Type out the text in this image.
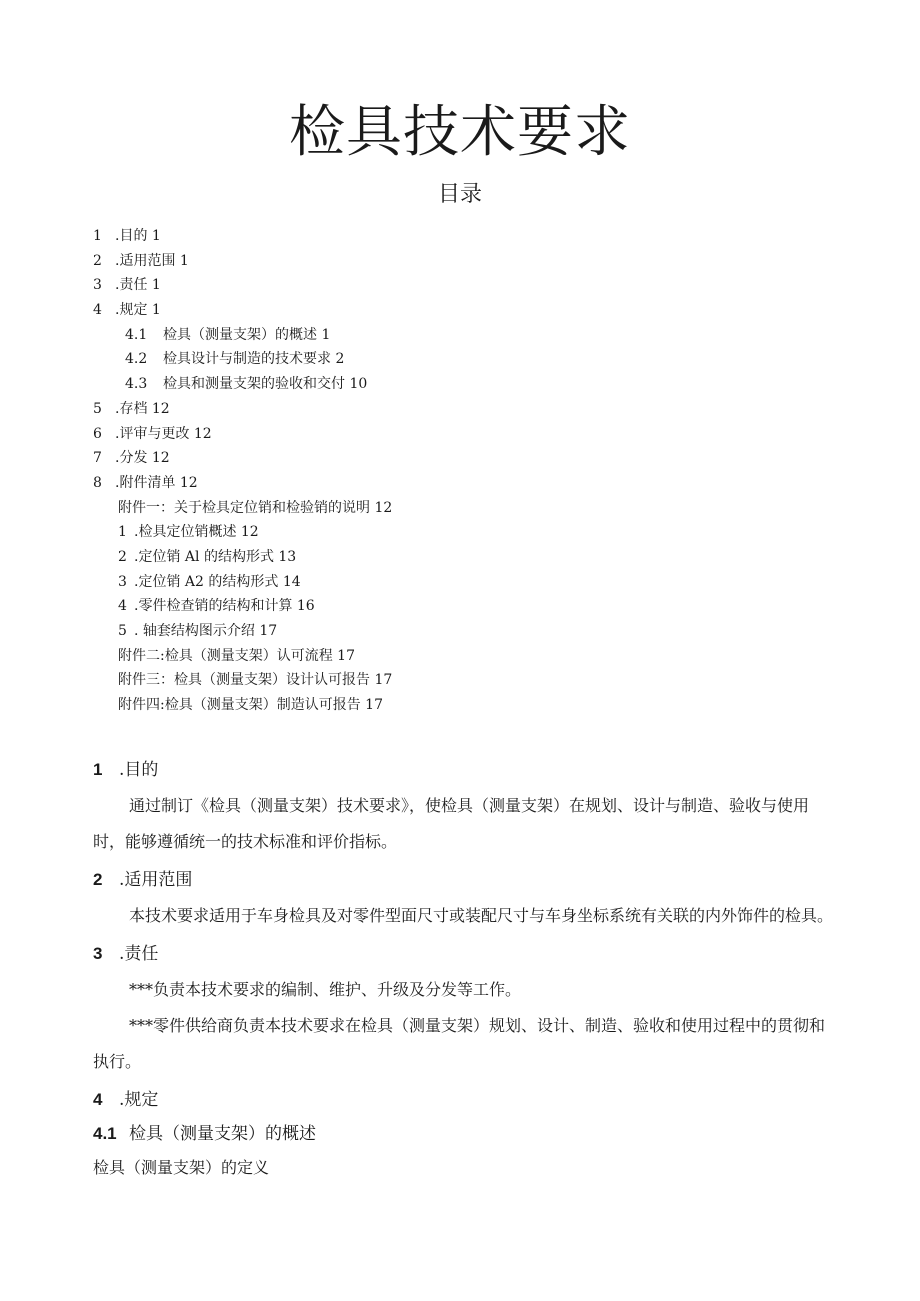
检具技术要求
目录
1 .目的 1
2 .适用范围 1
3 .责任 1
4 .规定 1
4.1 检具（测量支架）的概述 1
4.2 检具设计与制造的技术要求 2
4.3 检具和测量支架的验收和交付 10
5 .存档 12
6 .评审与更改 12
7 .分发 12
8 .附件清单 12
附件一：关于检具定位销和检验销的说明 12
1 .检具定位销概述 12
2 .定位销 Al 的结构形式 13
3 .定位销 A2 的结构形式 14
4 .零件检查销的结构和计算 16
5 . 轴套结构图示介绍 17
附件二:检具（测量支架）认可流程 17
附件三：检具（测量支架）设计认可报告 17
附件四:检具（测量支架）制造认可报告 17
1 .目的

通过制订《检具（测量支架）技术要求》，使检具（测量支架）在规划、设计与制造、验收与使用时，能够遵循统一的技术标准和评价指标。

2 .适用范围

本技术要求适用于车身检具及对零件型面尺寸或装配尺寸与车身坐标系统有关联的内外饰件的检具。

3 .责任

***负责本技术要求的编制、维护、升级及分发等工作。

***零件供给商负责本技术要求在检具（测量支架）规划、设计、制造、验收和使用过程中的贯彻和执行。

4 .规定
4.1 检具（测量支架）的概述

检具（测量支架）的定义
